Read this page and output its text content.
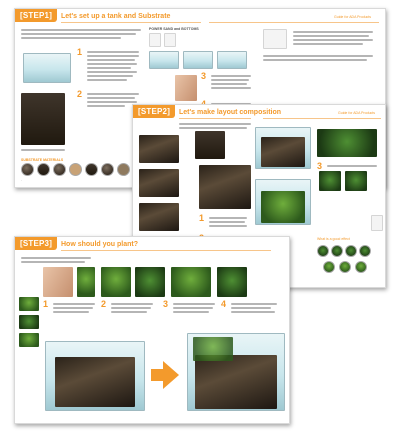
[STEP1]	Let's set up a tank and Substrate	Guide for ADA Products
1
2
SUBSTRATE MATERIALS
POWER SAND and BOTTOMS
3
·
[STEP2]	Let's make layout composition	Guide for ADA Products
1
3
What is a good effect
[STEP3]	How should you plant?
1	2	3	4
